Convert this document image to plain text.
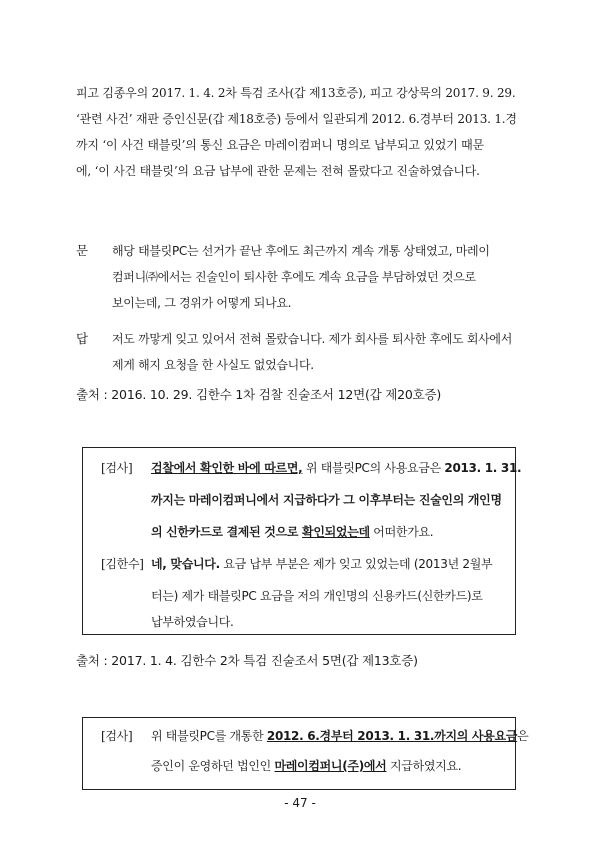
피고 김종우의 2017. 1. 4. 2차 특검 조사(갑 제13호증), 피고 강상묵의 2017. 9. 29.
‘관련 사건’ 재판 증인신문(갑 제18호증) 등에서 일관되게 2012. 6.경부터 2013. 1.경
까지 ‘이 사건 태블릿’의 통신 요금은 마레이컴퍼니 명의로 납부되고 있었기 때문
에, ‘이 사건 태블릿’의 요금 납부에 관한 문제는 전혀 몰랐다고 진술하였습니다.
문 해당 태블릿PC는 선거가 끝난 후에도 최근까지 계속 개통 상태였고, 마레이
컴퍼니㈜에서는 진술인이 퇴사한 후에도 계속 요금을 부담하였던 것으로
보이는데, 그 경위가 어떻게 되나요.
답 저도 까맣게 잊고 있어서 전혀 몰랐습니다. 제가 회사를 퇴사한 후에도 회사에서
제게 해지 요청을 한 사실도 없었습니다.
출처 : 2016. 10. 29. 김한수 1차 검찰 진술조서 12면(갑 제20호증)
[검사] 검찰에서 확인한 바에 따르면, 위 태블릿PC의 사용요금은 2013. 1. 31.
까지는 마레이컴퍼니에서 지급하다가 그 이후부터는 진술인의 개인명
의 신한카드로 결제된 것으로 확인되었는데 어떠한가요.
[김한수] 네, 맞습니다. 요금 납부 부분은 제가 잊고 있었는데 (2013년 2월부
터는) 제가 태블릿PC 요금을 저의 개인명의 신용카드(신한카드)로
납부하였습니다.
출처 : 2017. 1. 4. 김한수 2차 특검 진술조서 5면(갑 제13호증)
[검사] 위 태블릿PC를 개통한 2012. 6.경부터 2013. 1. 31.까지의 사용요금은
증인이 운영하던 법인인 마레이컴퍼니(주)에서 지급하였지요.
- 47 -
